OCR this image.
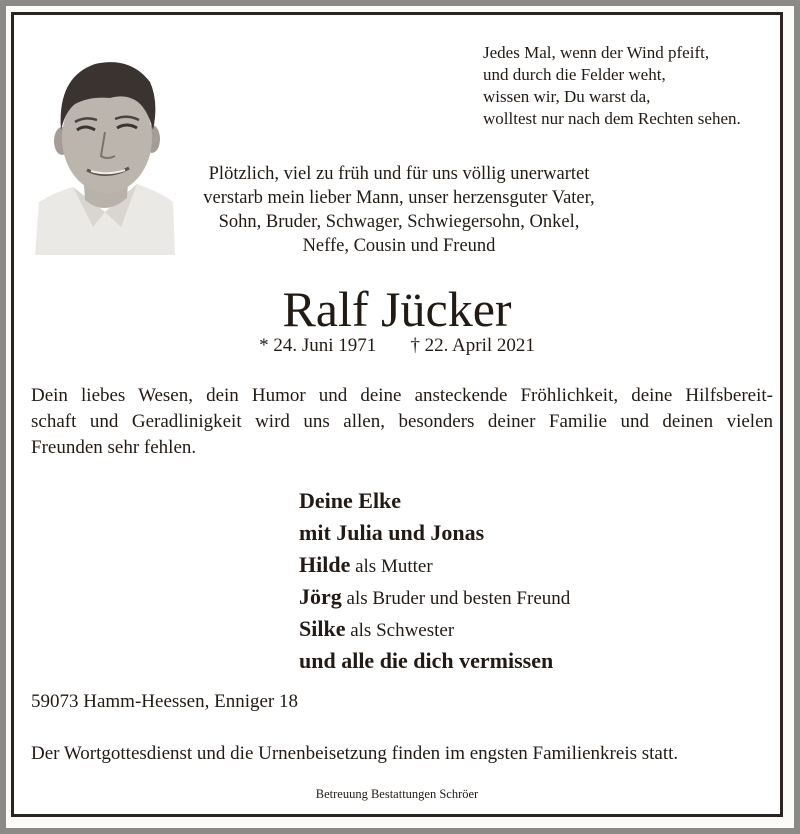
Jedes Mal, wenn der Wind pfeift,
und durch die Felder weht,
wissen wir, Du warst da,
wolltest nur nach dem Rechten sehen.
Plötzlich, viel zu früh und für uns völlig unerwartet
verstarb mein lieber Mann, unser herzensguter Vater,
Sohn, Bruder, Schwager, Schwiegersohn, Onkel,
Neffe, Cousin und Freund
Ralf Jücker
* 24. Juni 1971 † 22. April 2021
Dein liebes Wesen, dein Humor und deine ansteckende Fröhlichkeit, deine Hilfsbereit-
schaft und Geradlinigkeit wird uns allen, besonders deiner Familie und deinen vielen
Freunden sehr fehlen.
Deine Elke
mit Julia und Jonas
Hilde als Mutter
Jörg als Bruder und besten Freund
Silke als Schwester
und alle die dich vermissen
59073 Hamm-Heessen, Enniger 18
Der Wortgottesdienst und die Urnenbeisetzung finden im engsten Familienkreis statt.
Betreuung Bestattungen Schröer
